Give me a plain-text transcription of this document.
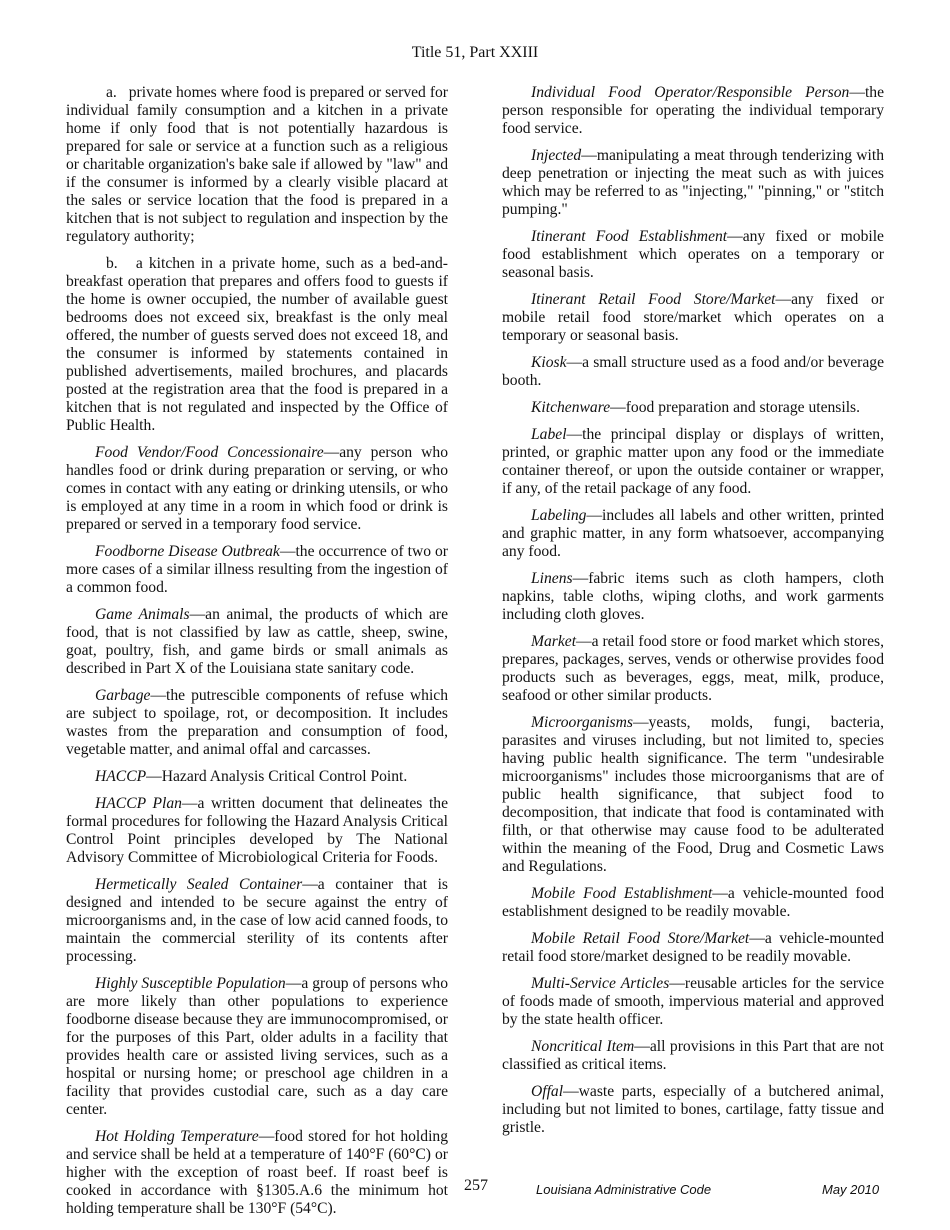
Title 51, Part XXIII

a. private homes where food is prepared or served for individual family consumption and a kitchen in a private home if only food that is not potentially hazardous is prepared for sale or service at a function such as a religious or charitable organization's bake sale if allowed by "law" and if the consumer is informed by a clearly visible placard at the sales or service location that the food is prepared in a kitchen that is not subject to regulation and inspection by the regulatory authority;

b. a kitchen in a private home, such as a bed-and-breakfast operation that prepares and offers food to guests if the home is owner occupied, the number of available guest bedrooms does not exceed six, breakfast is the only meal offered, the number of guests served does not exceed 18, and the consumer is informed by statements contained in published advertisements, mailed brochures, and placards posted at the registration area that the food is prepared in a kitchen that is not regulated and inspected by the Office of Public Health.

Food Vendor/Food Concessionaire—any person who handles food or drink during preparation or serving, or who comes in contact with any eating or drinking utensils, or who is employed at any time in a room in which food or drink is prepared or served in a temporary food service.

Foodborne Disease Outbreak—the occurrence of two or more cases of a similar illness resulting from the ingestion of a common food.

Game Animals—an animal, the products of which are food, that is not classified by law as cattle, sheep, swine, goat, poultry, fish, and game birds or small animals as described in Part X of the Louisiana state sanitary code.

Garbage—the putrescible components of refuse which are subject to spoilage, rot, or decomposition. It includes wastes from the preparation and consumption of food, vegetable matter, and animal offal and carcasses.

HACCP—Hazard Analysis Critical Control Point.

HACCP Plan—a written document that delineates the formal procedures for following the Hazard Analysis Critical Control Point principles developed by The National Advisory Committee of Microbiological Criteria for Foods.

Hermetically Sealed Container—a container that is designed and intended to be secure against the entry of microorganisms and, in the case of low acid canned foods, to maintain the commercial sterility of its contents after processing.

Highly Susceptible Population—a group of persons who are more likely than other populations to experience foodborne disease because they are immunocompromised, or for the purposes of this Part, older adults in a facility that provides health care or assisted living services, such as a hospital or nursing home; or preschool age children in a facility that provides custodial care, such as a day care center.

Hot Holding Temperature—food stored for hot holding and service shall be held at a temperature of 140°F (60°C) or higher with the exception of roast beef. If roast beef is cooked in accordance with §1305.A.6 the minimum hot holding temperature shall be 130°F (54°C).

Individual Food Operator/Responsible Person—the person responsible for operating the individual temporary food service.

Injected—manipulating a meat through tenderizing with deep penetration or injecting the meat such as with juices which may be referred to as "injecting," "pinning," or "stitch pumping."

Itinerant Food Establishment—any fixed or mobile food establishment which operates on a temporary or seasonal basis.

Itinerant Retail Food Store/Market—any fixed or mobile retail food store/market which operates on a temporary or seasonal basis.

Kiosk—a small structure used as a food and/or beverage booth.

Kitchenware—food preparation and storage utensils.

Label—the principal display or displays of written, printed, or graphic matter upon any food or the immediate container thereof, or upon the outside container or wrapper, if any, of the retail package of any food.

Labeling—includes all labels and other written, printed and graphic matter, in any form whatsoever, accompanying any food.

Linens—fabric items such as cloth hampers, cloth napkins, table cloths, wiping cloths, and work garments including cloth gloves.

Market—a retail food store or food market which stores, prepares, packages, serves, vends or otherwise provides food products such as beverages, eggs, meat, milk, produce, seafood or other similar products.

Microorganisms—yeasts, molds, fungi, bacteria, parasites and viruses including, but not limited to, species having public health significance. The term "undesirable microorganisms" includes those microorganisms that are of public health significance, that subject food to decomposition, that indicate that food is contaminated with filth, or that otherwise may cause food to be adulterated within the meaning of the Food, Drug and Cosmetic Laws and Regulations.

Mobile Food Establishment—a vehicle-mounted food establishment designed to be readily movable.

Mobile Retail Food Store/Market—a vehicle-mounted retail food store/market designed to be readily movable.

Multi-Service Articles—reusable articles for the service of foods made of smooth, impervious material and approved by the state health officer.

Noncritical Item—all provisions in this Part that are not classified as critical items.

Offal—waste parts, especially of a butchered animal, including but not limited to bones, cartilage, fatty tissue and gristle.

257	Louisiana Administrative Code	May 2010
